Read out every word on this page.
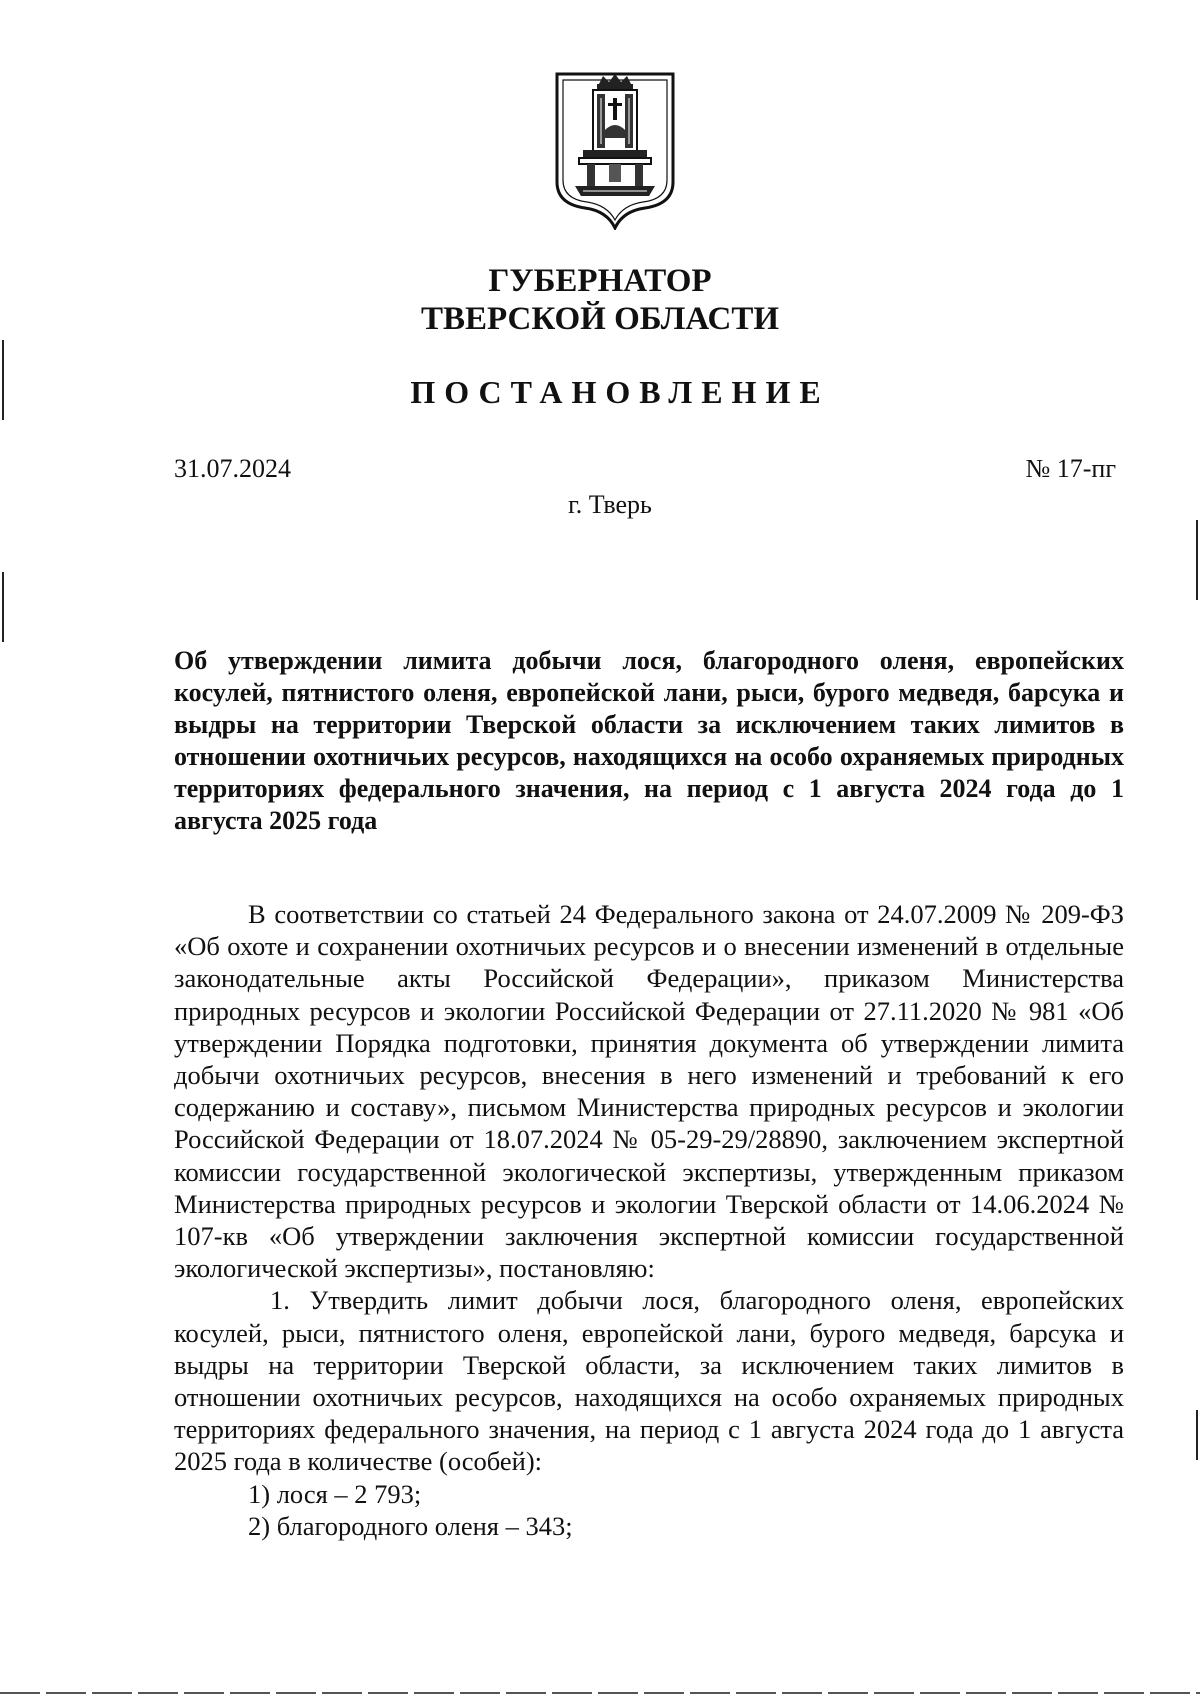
ГУБЕРНАТОР
ТВЕРСКОЙ ОБЛАСТИ
ПОСТАНОВЛЕНИЕ
31.07.2024	№ 17-пг
г. Тверь

Об утверждении лимита добычи лося, благородного оленя, европейских косулей, пятнистого оленя, европейской лани, рыси, бурого медведя, барсука и выдры на территории Тверской области за исключением таких лимитов в отношении охотничьих ресурсов, находящихся на особо охраняемых природных территориях федерального значения, на период с 1 августа 2024 года до 1 августа 2025 года

В соответствии со статьей 24 Федерального закона от 24.07.2009 № 209-ФЗ «Об охоте и сохранении охотничьих ресурсов и о внесении изменений в отдельные законодательные акты Российской Федерации», приказом Министерства природных ресурсов и экологии Российской Федерации от 27.11.2020 № 981 «Об утверждении Порядка подготовки, принятия документа об утверждении лимита добычи охотничьих ресурсов, внесения в него изменений и требований к его содержанию и составу», письмом Министерства природных ресурсов и экологии Российской Федерации от 18.07.2024 № 05-29-29/28890, заключением экспертной комиссии государственной экологической экспертизы, утвержденным приказом Министерства природных ресурсов и экологии Тверской области от 14.06.2024 № 107-кв «Об утверждении заключения экспертной комиссии государственной экологической экспертизы», постановляю:

1. Утвердить лимит добычи лося, благородного оленя, европейских косулей, рыси, пятнистого оленя, европейской лани, бурого медведя, барсука и выдры на территории Тверской области, за исключением таких лимитов в отношении охотничьих ресурсов, находящихся на особо охраняемых природных территориях федерального значения, на период с 1 августа 2024 года до 1 августа 2025 года в количестве (особей):

1) лося – 2 793;

2) благородного оленя – 343;
